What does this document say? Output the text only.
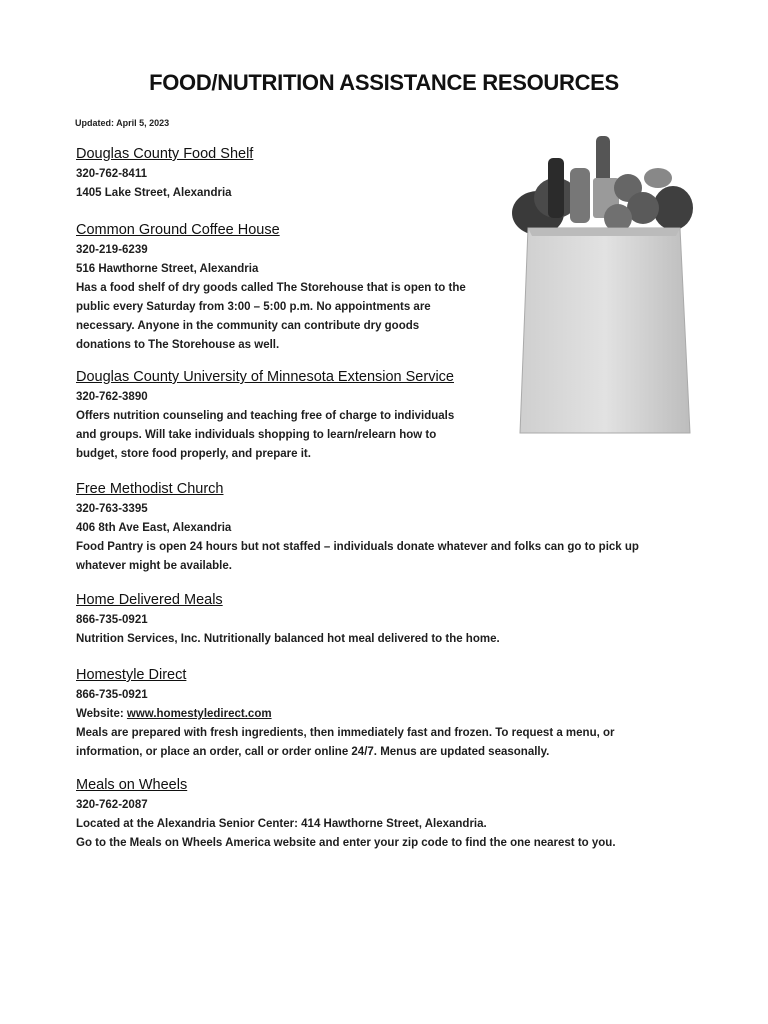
FOOD/NUTRITION ASSISTANCE RESOURCES
Updated: April 5, 2023
Douglas County Food Shelf
320-762-8411
1405 Lake Street, Alexandria
Common Ground Coffee House
320-219-6239
516 Hawthorne Street, Alexandria
Has a food shelf of dry goods called The Storehouse that is open to the
public every Saturday from 3:00 – 5:00 p.m. No appointments are
necessary. Anyone in the community can contribute dry goods
donations to The Storehouse as well.
Douglas County University of Minnesota Extension Service
320-762-3890
Offers nutrition counseling and teaching free of charge to individuals
and groups. Will take individuals shopping to learn/relearn how to
budget, store food properly, and prepare it.
Free Methodist Church
320-763-3395
406 8th Ave East, Alexandria
Food Pantry is open 24 hours but not staffed – individuals donate whatever and folks can go to pick up
whatever might be available.
Home Delivered Meals
866-735-0921
Nutrition Services, Inc. Nutritionally balanced hot meal delivered to the home.
Homestyle Direct
866-735-0921
Website: www.homestyledirect.com
Meals are prepared with fresh ingredients, then immediately fast and frozen. To request a menu, or
information, or place an order, call or order online 24/7. Menus are updated seasonally.
Meals on Wheels
320-762-2087
Located at the Alexandria Senior Center: 414 Hawthorne Street, Alexandria.
Go to the Meals on Wheels America website and enter your zip code to find the one nearest to you.
